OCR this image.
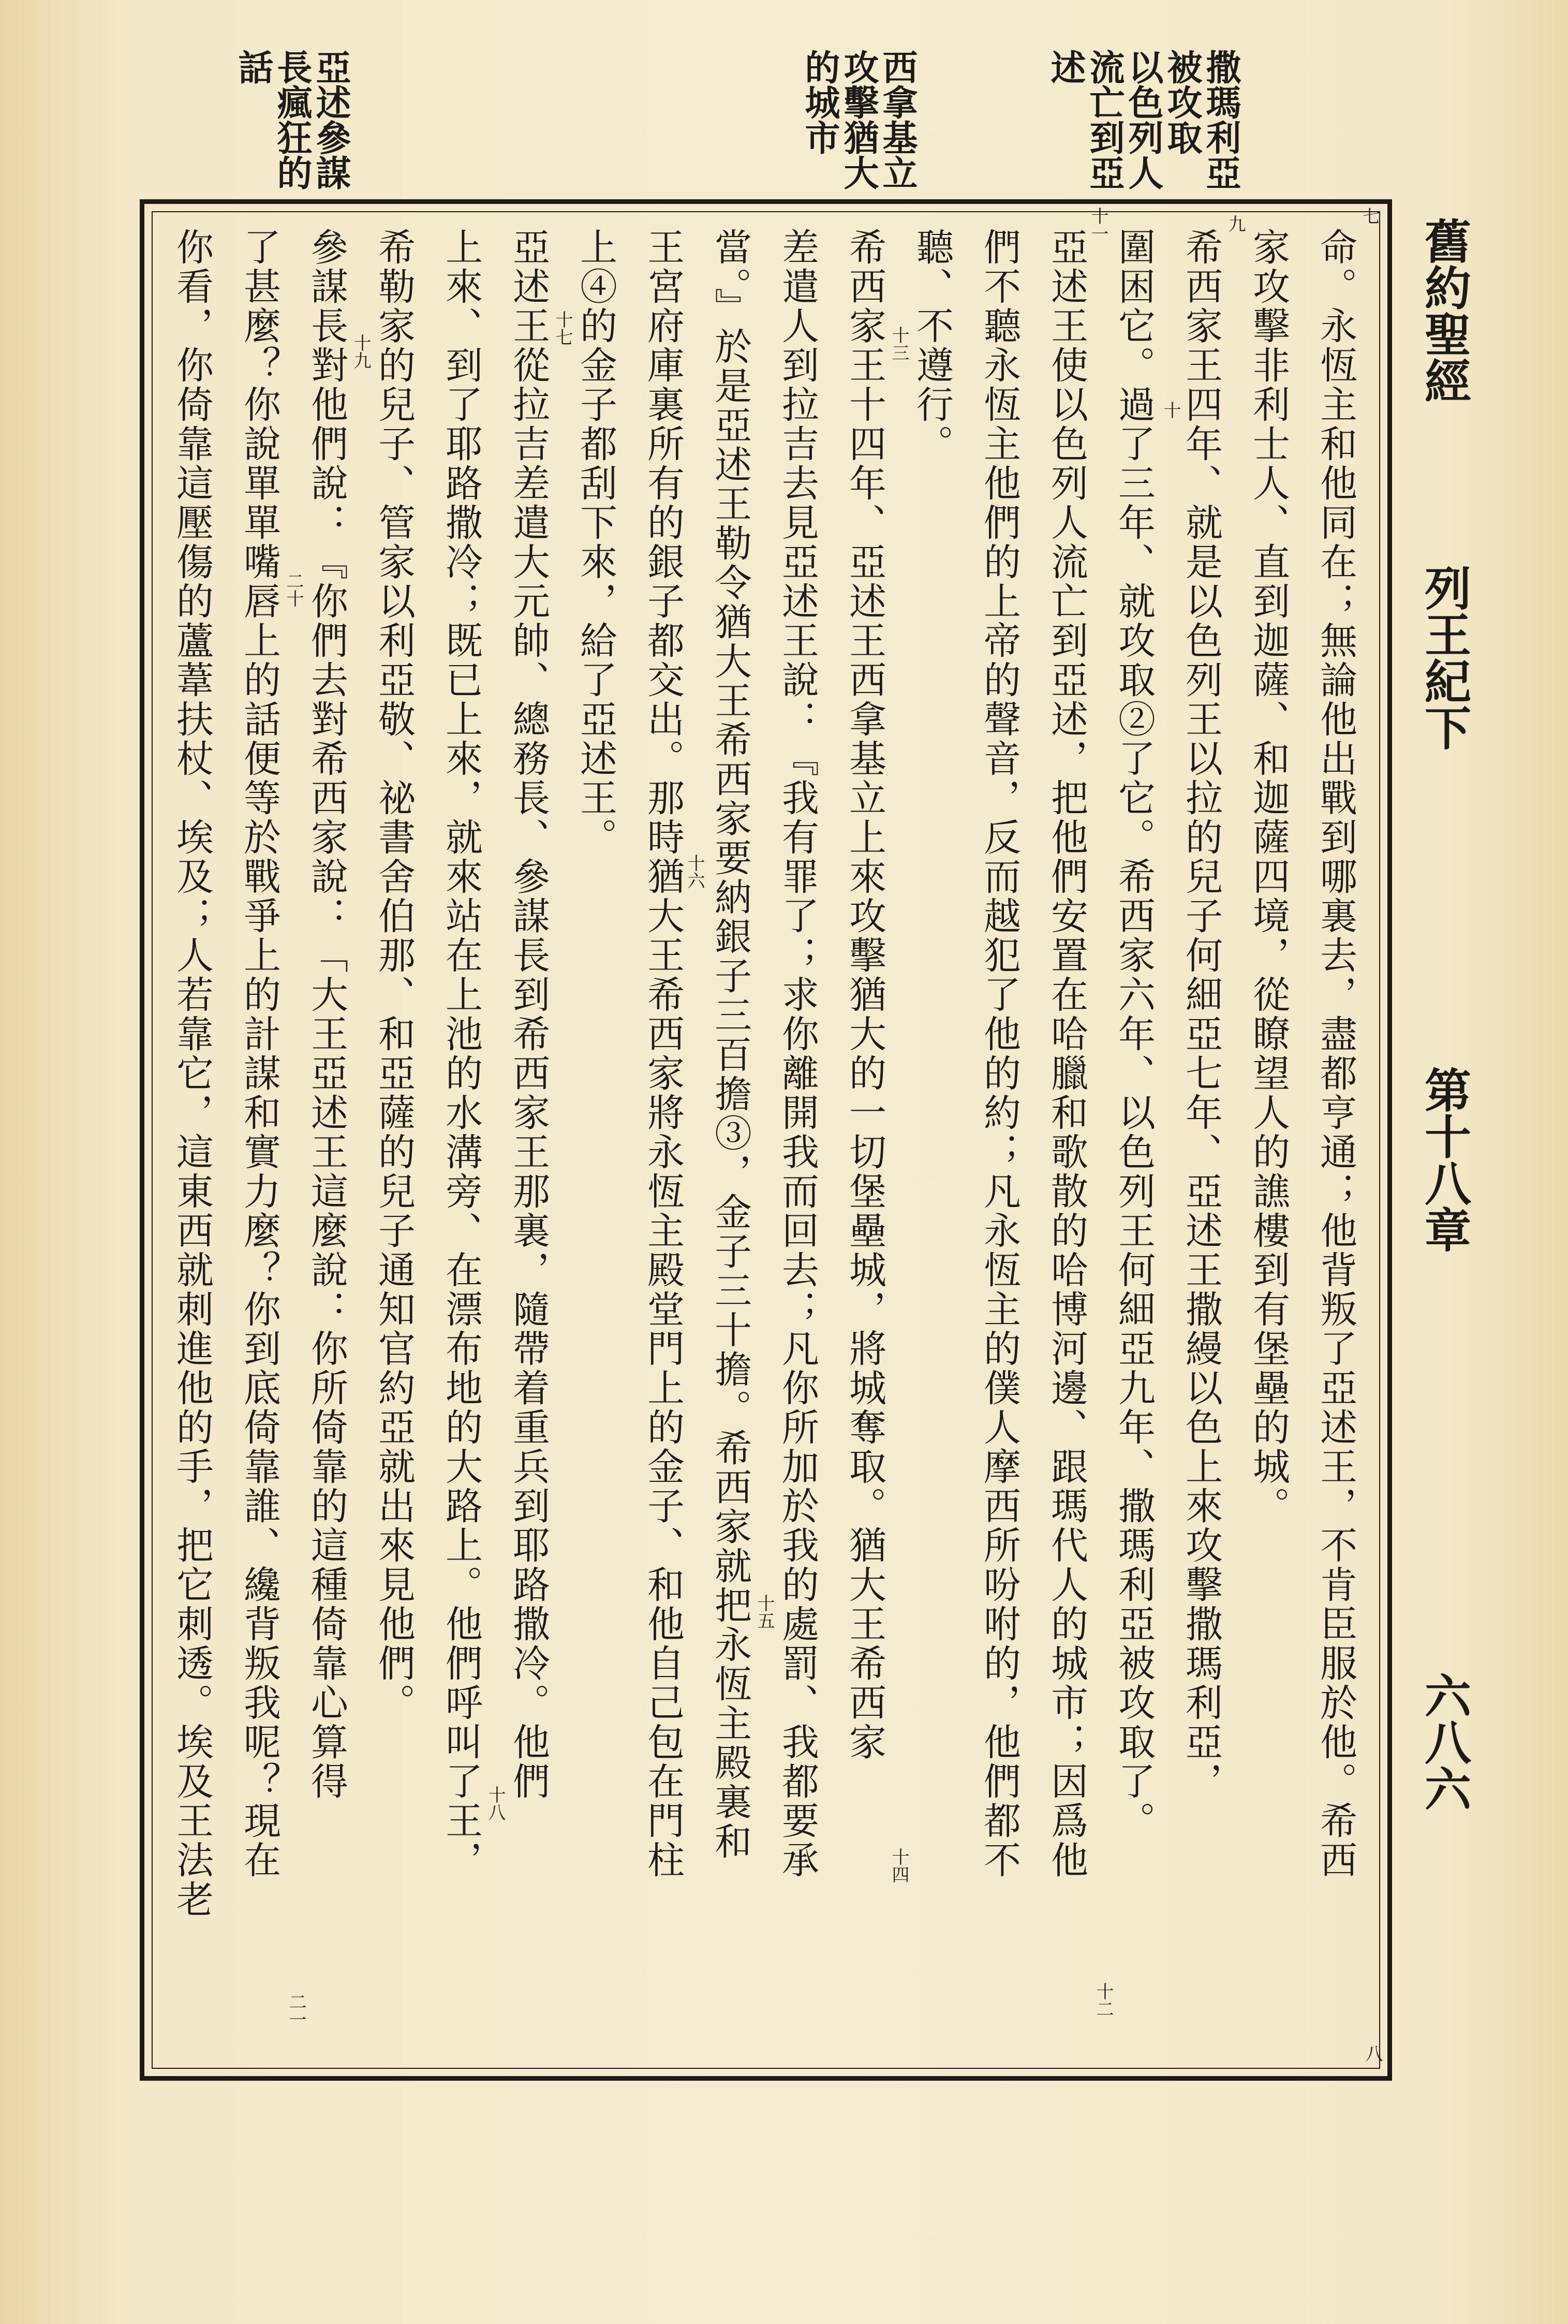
撒瑪利亞
被攻取
以色列人
流亡到亞
述
西拿基立
攻擊猶大
的城市
亞述參謀
長瘋狂的
話
舊約聖經
列王紀下
第十八章
六八六
命。永恆主和他同在；無論他出戰到哪裏去，盡都亨通；他背叛了亞述王，不肯臣服於他。希西
家攻擊非利士人、直到迦薩、和迦薩四境，從瞭望人的譙樓到有堡壘的城。
希西家王四年、就是以色列王以拉的兒子何細亞七年、亞述王撒縵以色上來攻擊撒瑪利亞，
圍困它。過了三年、就攻取②了它。希西家六年、以色列王何細亞九年、撒瑪利亞被攻取了。
亞述王使以色列人流亡到亞述，把他們安置在哈臘和歌散的哈博河邊、跟瑪代人的城市；因爲他
們不聽永恆主他們的上帝的聲音，反而越犯了他的約；凡永恆主的僕人摩西所吩咐的，他們都不
聽、不遵行。
希西家王十四年、亞述王西拿基立上來攻擊猶大的一切堡壘城，將城奪取。猶大王希西家
差遣人到拉吉去見亞述王說：『我有罪了；求你離開我而回去；凡你所加於我的處罰、我都要承
當。』於是亞述王勒令猶大王希西家要納銀子三百擔③，金子三十擔。希西家就把永恆主殿裏和
王宮府庫裏所有的銀子都交出。那時猶大王希西家將永恆主殿堂門上的金子、和他自己包在門柱
上④的金子都刮下來，給了亞述王。
亞述王從拉吉差遣大元帥、總務長、參謀長到希西家王那裏，隨帶着重兵到耶路撒冷。他們
上來、到了耶路撒冷；既已上來，就來站在上池的水溝旁、在漂布地的大路上。他們呼叫了王，
希勒家的兒子、管家以利亞敬、祕書舍伯那、和亞薩的兒子通知官約亞就出來見他們。
參謀長對他們說：『你們去對希西家說：「大王亞述王這麼說：你所倚靠的這種倚靠心算得
了甚麼？你說單單嘴唇上的話便等於戰爭上的計謀和實力麼？你到底倚靠誰、纔背叛我呢？現在
你看，你倚靠這壓傷的蘆葦扶杖、埃及；人若靠它，這東西就刺進他的手，把它刺透。埃及王法老
七
八
九
十
十一
十二
十三
十四
十五
十六
十七
十八
十九
二十
二一
